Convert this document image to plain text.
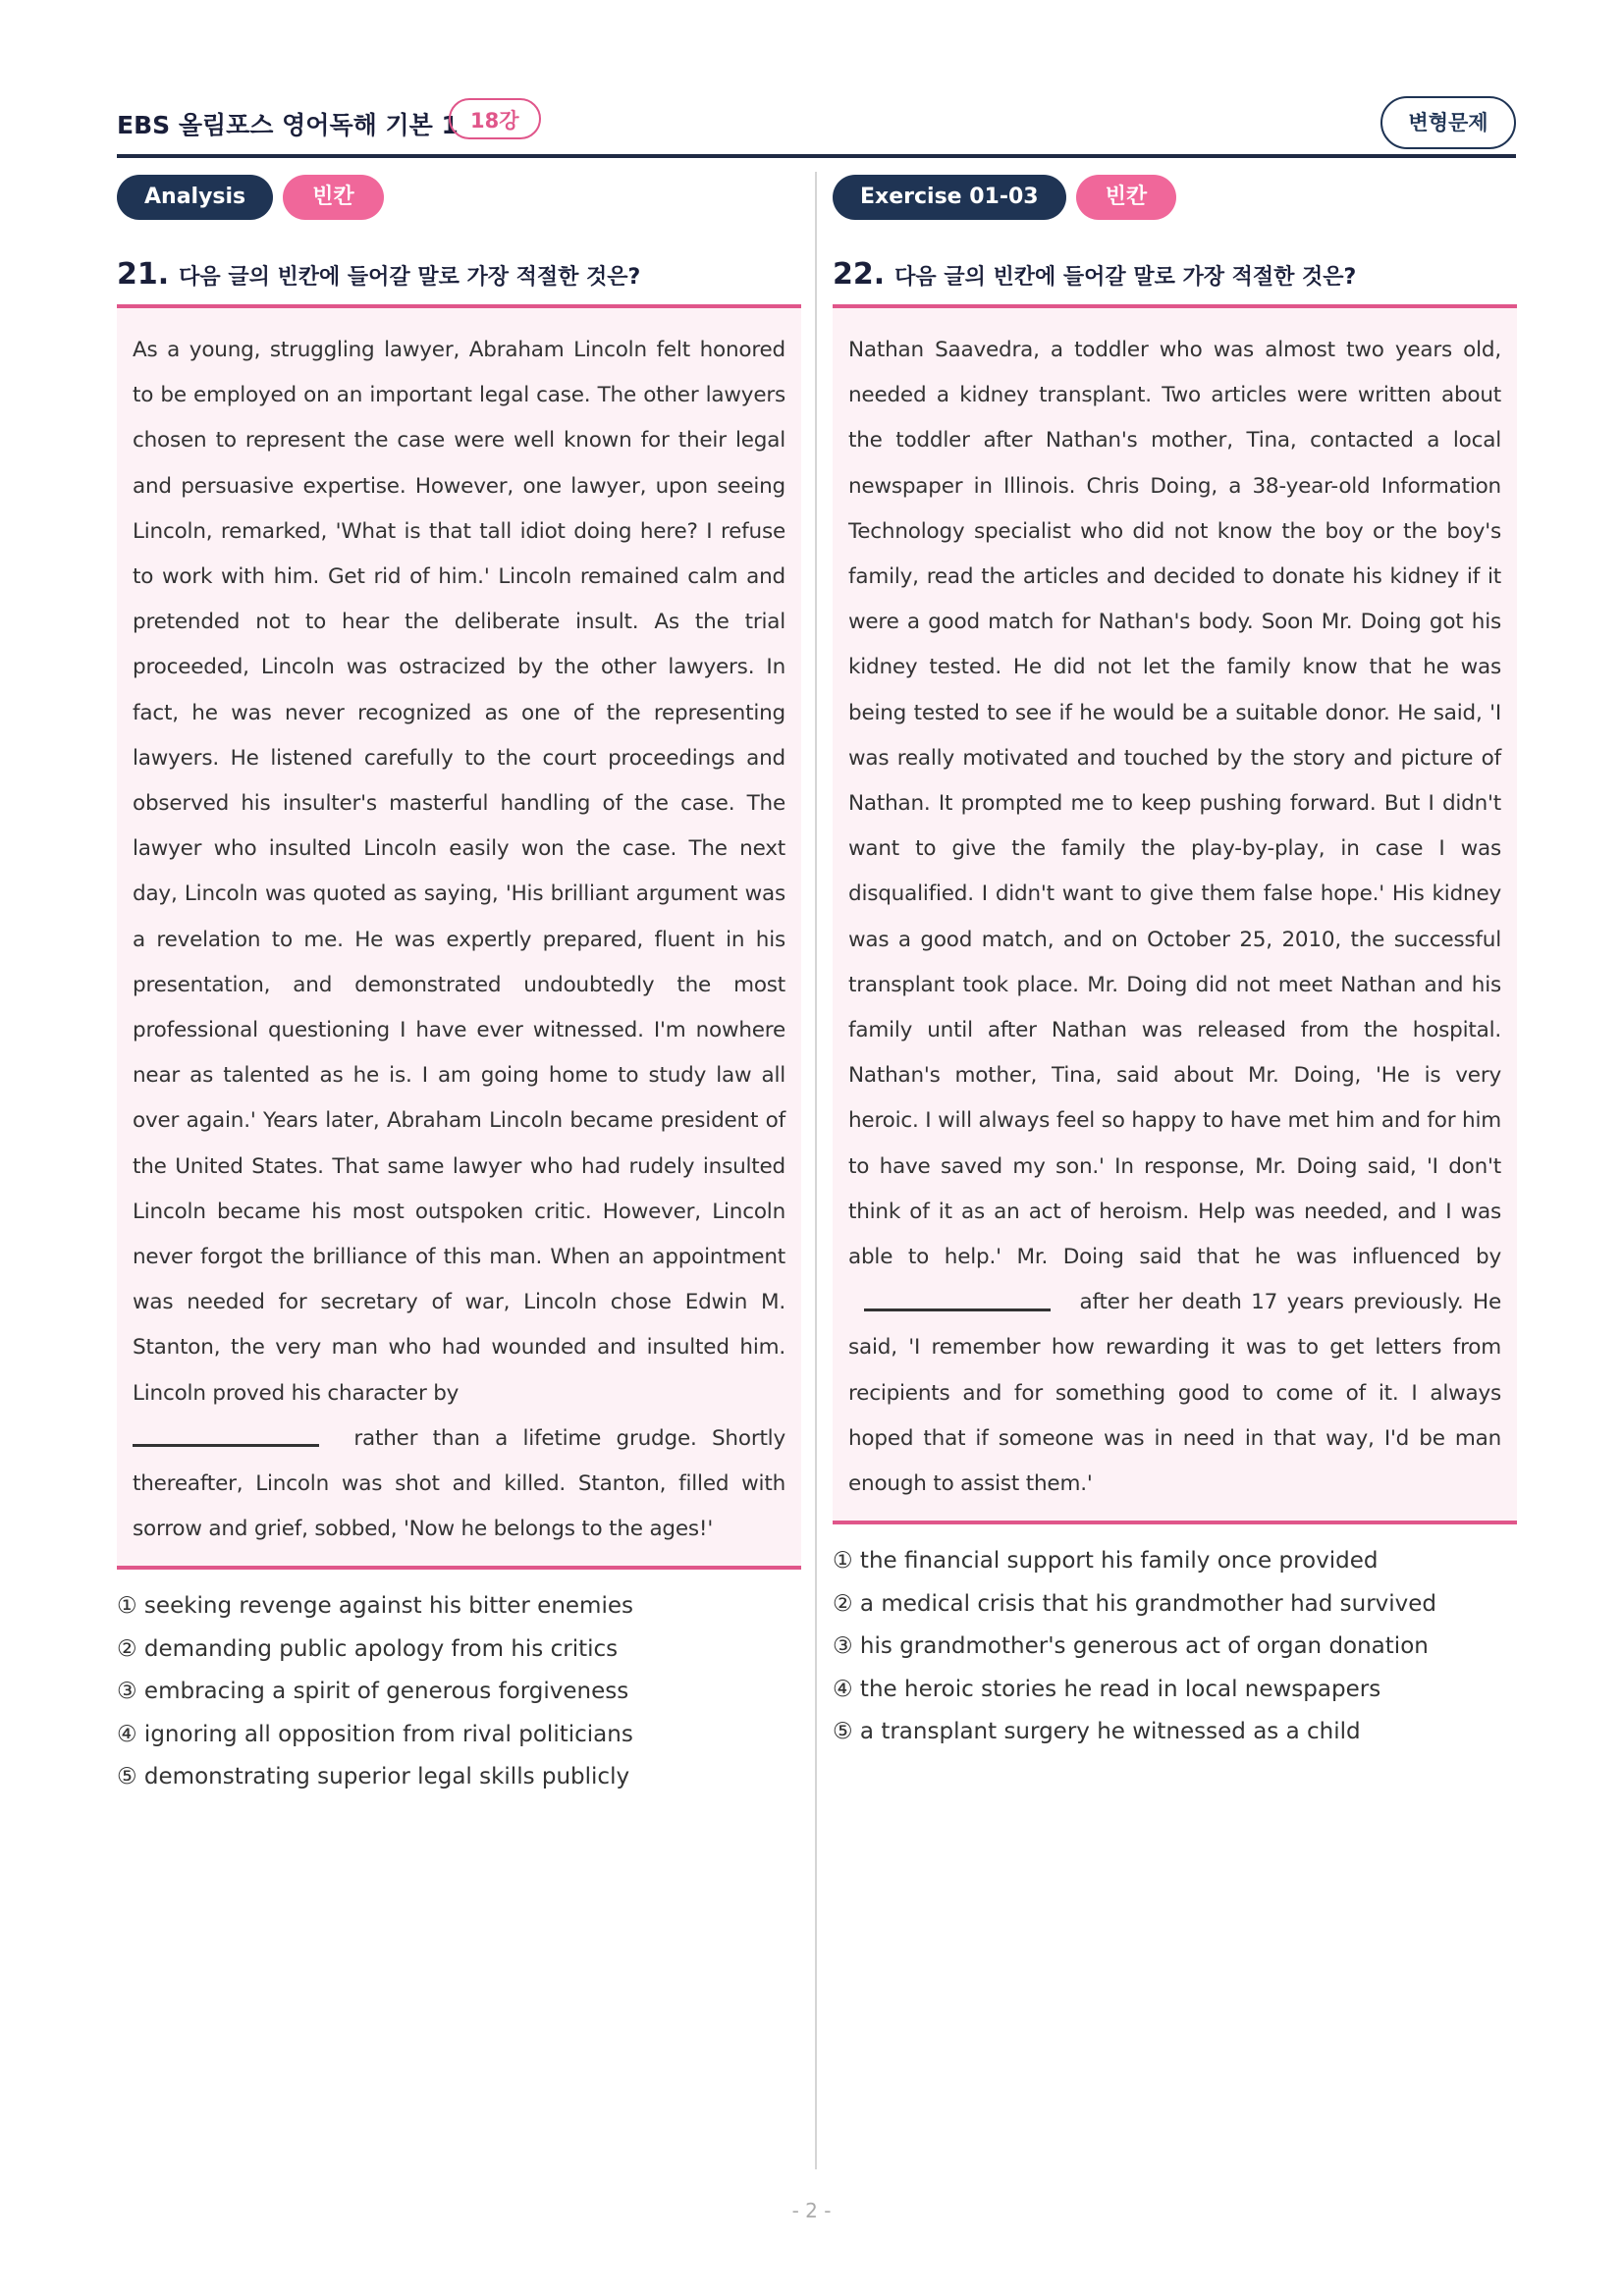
EBS 올림포스 영어독해 기본 1 18강	변형문제
Analysis	빈칸
21. 다음 글의 빈칸에 들어갈 말로 가장 적절한 것은?

As a young, struggling lawyer, Abraham Lincoln felt honored to be employed on an important legal case. The other lawyers chosen to represent the case were well known for their legal and persuasive expertise. However, one lawyer, upon seeing Lincoln, remarked, 'What is that tall idiot doing here? I refuse to work with him. Get rid of him.' Lincoln remained calm and pretended not to hear the deliberate insult. As the trial proceeded, Lincoln was ostracized by the other lawyers. In fact, he was never recognized as one of the representing lawyers. He listened carefully to the court proceedings and observed his insulter's masterful handling of the case. The lawyer who insulted Lincoln easily won the case. The next day, Lincoln was quoted as saying, 'His brilliant argument was a revelation to me. He was expertly prepared, fluent in his presentation, and demonstrated undoubtedly the most professional questioning I have ever witnessed. I'm nowhere near as talented as he is. I am going home to study law all over again.' Years later, Abraham Lincoln became president of the United States. That same lawyer who had rudely insulted Lincoln became his most outspoken critic. However, Lincoln never forgot the brilliance of this man. When an appointment was needed for secretary of war, Lincoln chose Edwin M. Stanton, the very man who had wounded and insulted him. Lincoln proved his character by
rather than a lifetime grudge. Shortly thereafter, Lincoln was shot and killed. Stanton, filled with sorrow and grief, sobbed, 'Now he belongs to the ages!'

① seeking revenge against his bitter enemies
② demanding public apology from his critics
③ embracing a spirit of generous forgiveness
④ ignoring all opposition from rival politicians
⑤ demonstrating superior legal skills publicly
Exercise 01-03	빈칸
22. 다음 글의 빈칸에 들어갈 말로 가장 적절한 것은?

Nathan Saavedra, a toddler who was almost two years old, needed a kidney transplant. Two articles were written about the toddler after Nathan's mother, Tina, contacted a local newspaper in Illinois. Chris Doing, a 38-year-old Information Technology specialist who did not know the boy or the boy's family, read the articles and decided to donate his kidney if it were a good match for Nathan's body. Soon Mr. Doing got his kidney tested. He did not let the family know that he was being tested to see if he would be a suitable donor. He said, 'I was really motivated and touched by the story and picture of Nathan. It prompted me to keep pushing forward. But I didn't want to give the family the play-by-play, in case I was disqualified. I didn't want to give them false hope.' His kidney was a good match, and on October 25, 2010, the successful transplant took place. Mr. Doing did not meet Nathan and his family until after Nathan was released from the hospital. Nathan's mother, Tina, said about Mr. Doing, 'He is very heroic. I will always feel so happy to have met him and for him to have saved my son.' In response, Mr. Doing said, 'I don't think of it as an act of heroism. Help was needed, and I was able to help.' Mr. Doing said that he was influenced by  after her death 17 years previously. He said, 'I remember how rewarding it was to get letters from recipients and for something good to come of it. I always hoped that if someone was in need in that way, I'd be man enough to assist them.'

① the financial support his family once provided
② a medical crisis that his grandmother had survived
③ his grandmother's generous act of organ donation
④ the heroic stories he read in local newspapers
⑤ a transplant surgery he witnessed as a child
- 2 -
